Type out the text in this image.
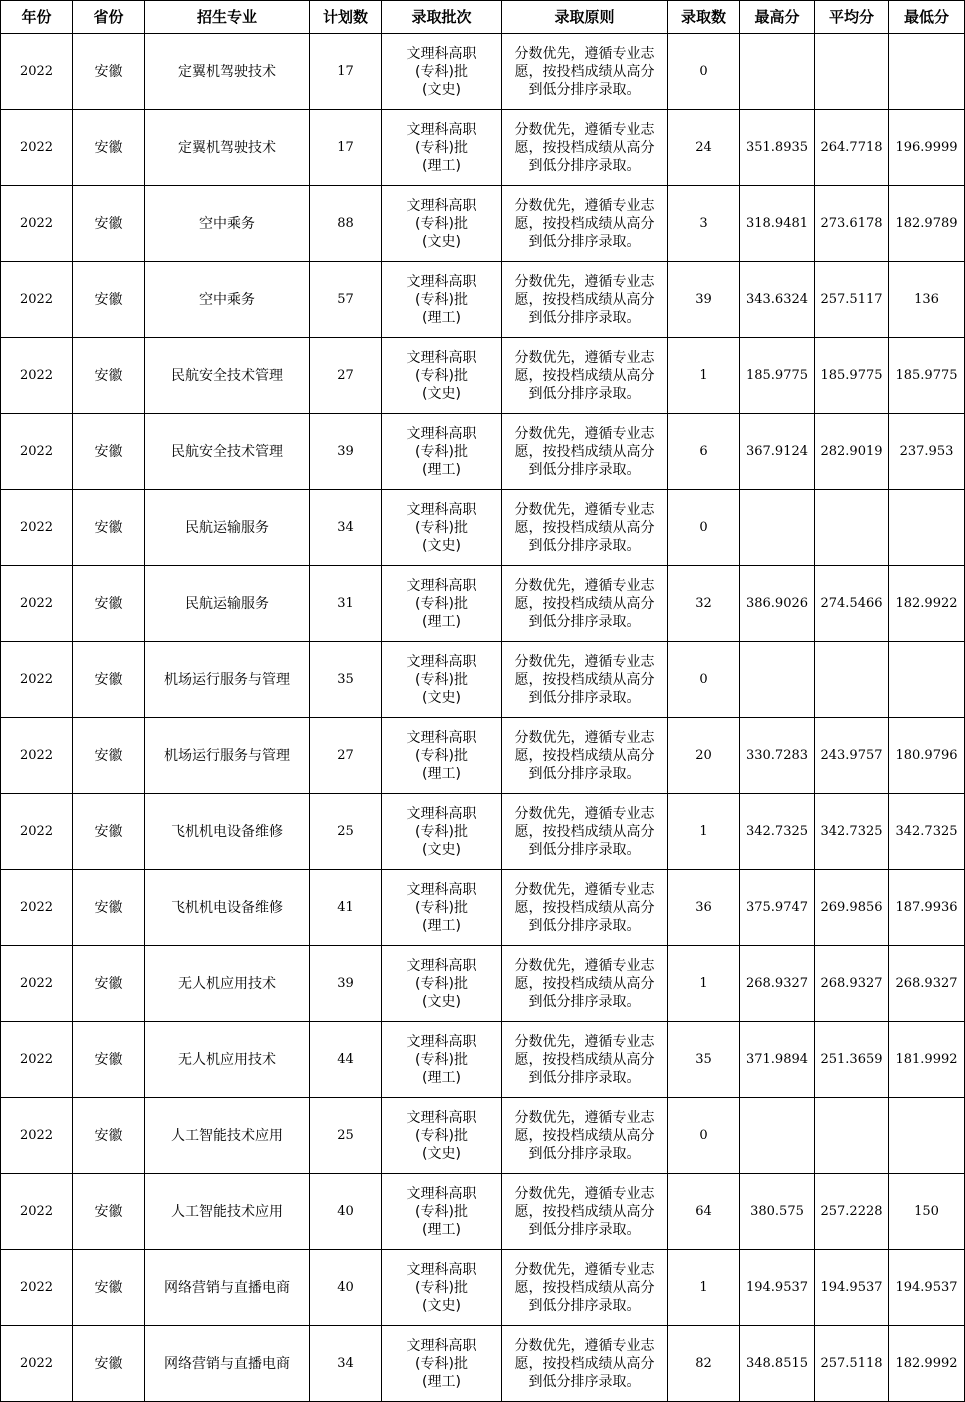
年份	省份	招生专业	计划数	录取批次	录取原则	录取数	最高分	平均分	最低分
2022	安徽	定翼机驾驶技术	17	文理科高职
(专科)批
(文史)	分数优先，遵循专业志
愿，按投档成绩从高分
到低分排序录取。	0			
2022	安徽	定翼机驾驶技术	17	文理科高职
(专科)批
(理工)	分数优先，遵循专业志
愿，按投档成绩从高分
到低分排序录取。	24	351.8935	264.7718	196.9999
2022	安徽	空中乘务	88	文理科高职
(专科)批
(文史)	分数优先，遵循专业志
愿，按投档成绩从高分
到低分排序录取。	3	318.9481	273.6178	182.9789
2022	安徽	空中乘务	57	文理科高职
(专科)批
(理工)	分数优先，遵循专业志
愿，按投档成绩从高分
到低分排序录取。	39	343.6324	257.5117	136
2022	安徽	民航安全技术管理	27	文理科高职
(专科)批
(文史)	分数优先，遵循专业志
愿，按投档成绩从高分
到低分排序录取。	1	185.9775	185.9775	185.9775
2022	安徽	民航安全技术管理	39	文理科高职
(专科)批
(理工)	分数优先，遵循专业志
愿，按投档成绩从高分
到低分排序录取。	6	367.9124	282.9019	237.953
2022	安徽	民航运输服务	34	文理科高职
(专科)批
(文史)	分数优先，遵循专业志
愿，按投档成绩从高分
到低分排序录取。	0			
2022	安徽	民航运输服务	31	文理科高职
(专科)批
(理工)	分数优先，遵循专业志
愿，按投档成绩从高分
到低分排序录取。	32	386.9026	274.5466	182.9922
2022	安徽	机场运行服务与管理	35	文理科高职
(专科)批
(文史)	分数优先，遵循专业志
愿，按投档成绩从高分
到低分排序录取。	0			
2022	安徽	机场运行服务与管理	27	文理科高职
(专科)批
(理工)	分数优先，遵循专业志
愿，按投档成绩从高分
到低分排序录取。	20	330.7283	243.9757	180.9796
2022	安徽	飞机机电设备维修	25	文理科高职
(专科)批
(文史)	分数优先，遵循专业志
愿，按投档成绩从高分
到低分排序录取。	1	342.7325	342.7325	342.7325
2022	安徽	飞机机电设备维修	41	文理科高职
(专科)批
(理工)	分数优先，遵循专业志
愿，按投档成绩从高分
到低分排序录取。	36	375.9747	269.9856	187.9936
2022	安徽	无人机应用技术	39	文理科高职
(专科)批
(文史)	分数优先，遵循专业志
愿，按投档成绩从高分
到低分排序录取。	1	268.9327	268.9327	268.9327
2022	安徽	无人机应用技术	44	文理科高职
(专科)批
(理工)	分数优先，遵循专业志
愿，按投档成绩从高分
到低分排序录取。	35	371.9894	251.3659	181.9992
2022	安徽	人工智能技术应用	25	文理科高职
(专科)批
(文史)	分数优先，遵循专业志
愿，按投档成绩从高分
到低分排序录取。	0			
2022	安徽	人工智能技术应用	40	文理科高职
(专科)批
(理工)	分数优先，遵循专业志
愿，按投档成绩从高分
到低分排序录取。	64	380.575	257.2228	150
2022	安徽	网络营销与直播电商	40	文理科高职
(专科)批
(文史)	分数优先，遵循专业志
愿，按投档成绩从高分
到低分排序录取。	1	194.9537	194.9537	194.9537
2022	安徽	网络营销与直播电商	34	文理科高职
(专科)批
(理工)	分数优先，遵循专业志
愿，按投档成绩从高分
到低分排序录取。	82	348.8515	257.5118	182.9992
